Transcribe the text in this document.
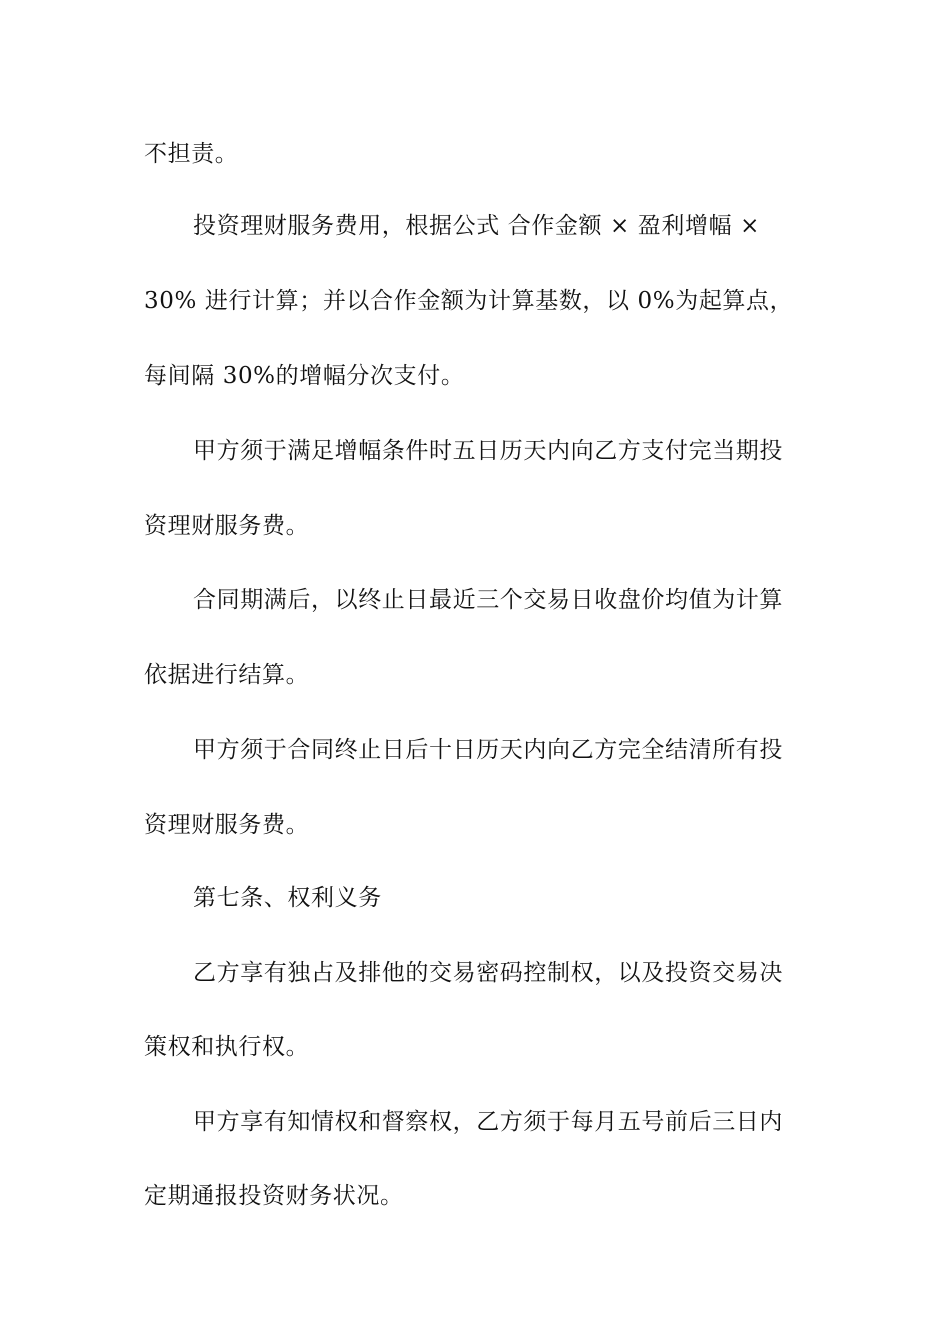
不担责。
投资理财服务费用，根据公式 合作金额 × 盈利增幅 ×
30% 进行计算；并以合作金额为计算基数，以 0%为起算点，
每间隔 30%的增幅分次支付。
甲方须于满足增幅条件时五日历天内向乙方支付完当期投
资理财服务费。
合同期满后，以终止日最近三个交易日收盘价均值为计算
依据进行结算。
甲方须于合同终止日后十日历天内向乙方完全结清所有投
资理财服务费。
第七条、权利义务
乙方享有独占及排他的交易密码控制权，以及投资交易决
策权和执行权。
甲方享有知情权和督察权，乙方须于每月五号前后三日内
定期通报投资财务状况。
